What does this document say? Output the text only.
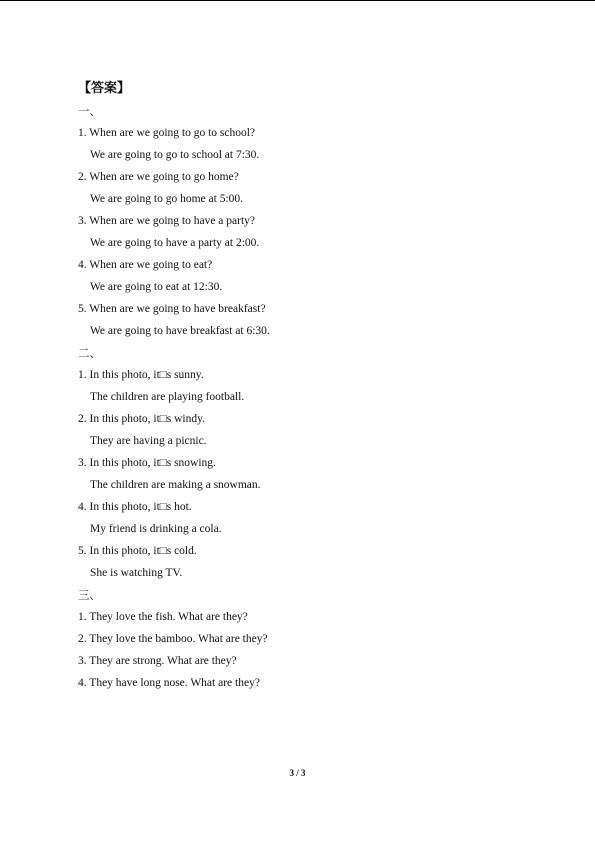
【答案】
一、
1. When are we going to go to school?
We are going to go to school at 7:30.
2. When are we going to go home?
We are going to go home at 5:00.
3. When are we going to have a party?
We are going to have a party at 2:00.
4. When are we going to eat?
We are going to eat at 12:30.
5. When are we going to have breakfast?
We are going to have breakfast at 6:30.
二、
1. In this photo, it□s sunny.
The children are playing football.
2. In this photo, it□s windy.
They are having a picnic.
3. In this photo, it□s snowing.
The children are making a snowman.
4. In this photo, it□s hot.
My friend is drinking a cola.
5. In this photo, it□s cold.
She is watching TV.
三、
1. They love the fish. What are they?
2. They love the bamboo. What are they?
3. They are strong. What are they?
4. They have long nose. What are they?
3 / 3
